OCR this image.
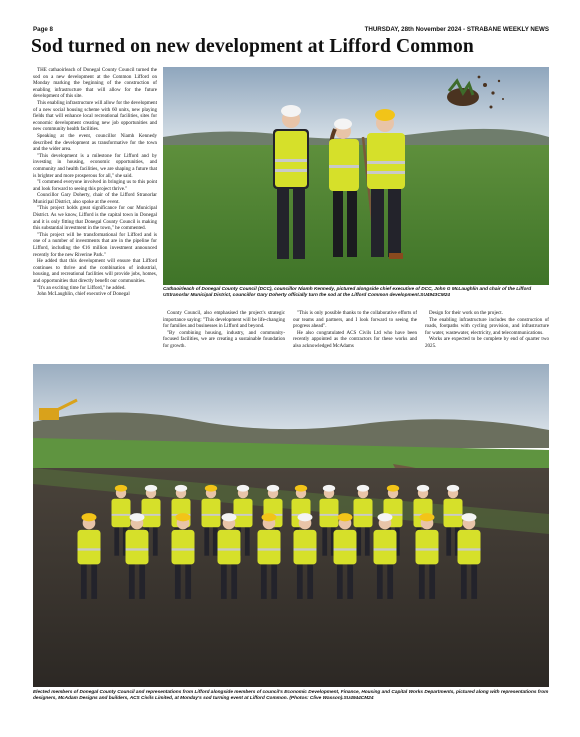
Page 8	THURSDAY, 28th November 2024 - STRABANE WEEKLY NEWS
Sod turned on new development at Lifford Common

THE cathaoirleach of Donegal County Council turned the sod on a new development at the Common Lifford on Monday marking the beginning of the construction of enabling infrastructure that will allow for the future development of this site.

This enabling infrastructure will allow for the development of a new social housing scheme with 60 units, new playing fields that will enhance local recreational facilities, sites for economic development creating new job opportunities and new community health facilities.

Speaking at the event, councillor Niamh Kennedy described the development as transformative for the town and the wider area.

"This development is a milestone for Lifford and by investing in housing, economic opportunities, and community and health facilities, we are shaping a future that is brighter and more prosperous for all," she said.

"I commend everyone involved in bringing us to this point and look forward to seeing this project thrive."

Councillor Gary Doherty, chair of the Lifford Stranorlar Municipal District, also spoke at the event.

"This project holds great significance for our Municipal District. As we know, Lifford is the capital town in Donegal and it is only fitting that Donegal County Council is making this substantial investment in the town," he commented.

"This project will be transformational for Lifford and is one of a number of investments that are in the pipeline for Lifford, including the €16 million investment announced recently for the new Riverine Park."

He added that this development will ensure that Lifford continues to thrive and the combination of industrial, housing, and recreational facilities will provide jobs, homes, and opportunities that directly benefit our communities.

"It's an exciting time for Lifford," he added.

John McLaughlin, chief executive of Donegal

Cathaoirleach of Donegal County Council (DCC), councillor Niamh Kennedy, pictured alongside chief executive of DCC, John G McLaughlin and chair of the Lifford UStranorlar Municipal District, councillor Gary Doherty officially turn the sod at the Lifford Common development.SU4943CM24

County Council, also emphasised the project's strategic importance saying: "This development will be life-changing for families and businesses in Lifford and beyond.

"By combining housing, industry, and community-focused facilities, we are creating a sustainable foundation for growth.

"This is only possible thanks to the collaborative efforts of our teams and partners, and I look forward to seeing the progress ahead".

He also congratulated ACS Civils Ltd who have been recently appointed as the contractors for these works and also acknowledged McAdams

Design for their work on the project.

The enabling infrastructure includes the construction of roads, footpaths with cycling provision, and infrastructure for water, wastewater, electricity, and telecommunications.

Works are expected to be complete by end of quarter two 2025.

Elected members of Donegal County Council and representations from Lifford alongside members of council's Economic Development, Finance, Housing and Capital Works Departments, pictured along with representations from designers, McAdam Designs and builders, ACS Civils Limited, at Monday's sod turning event at Lifford Common. (Photos: Clive Wasson).SU4944CM24
